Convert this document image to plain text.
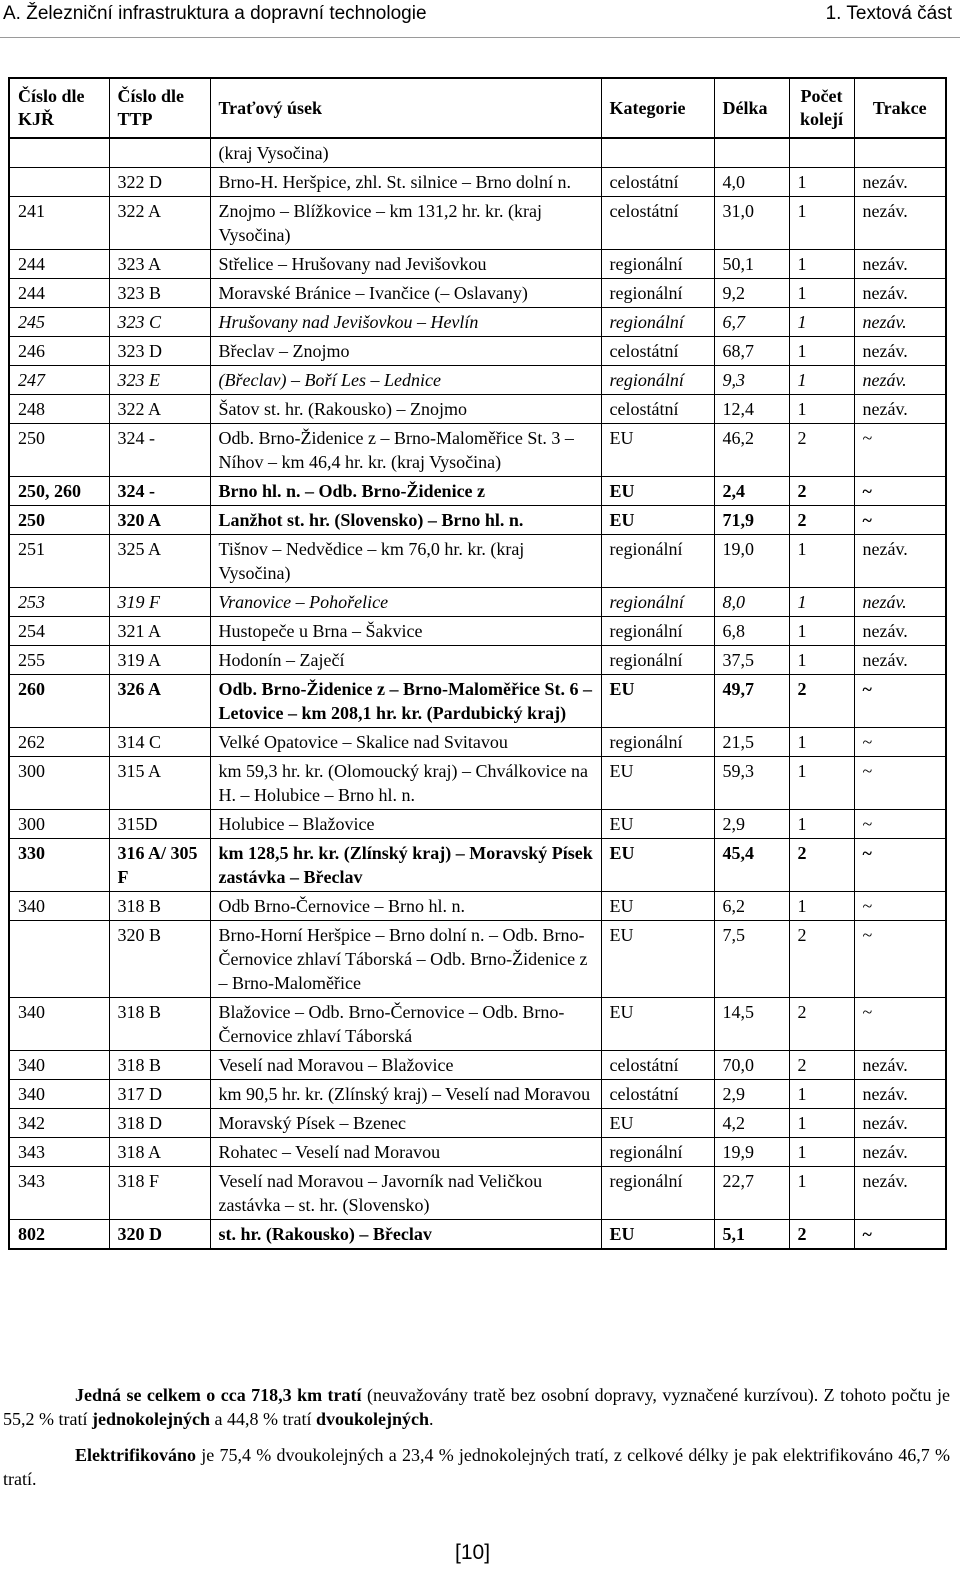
A. Železniční infrastruktura a dopravní technologie	1. Textová část
Číslo dle KJŘ	Číslo dle TTP	Traťový úsek	Kategorie	Délka	Počet kolejí	Trakce
		(kraj Vysočina)				
	322 D	Brno-H. Heršpice, zhl. St. silnice – Brno dolní n.	celostátní	4,0	1	nezáv.
241	322 A	Znojmo – Blížkovice – km 131,2 hr. kr. (kraj Vysočina)	celostátní	31,0	1	nezáv.
244	323 A	Střelice – Hrušovany nad Jevišovkou	regionální	50,1	1	nezáv.
244	323 B	Moravské Bránice – Ivančice (– Oslavany)	regionální	9,2	1	nezáv.
245	323 C	Hrušovany nad Jevišovkou – Hevlín	regionální	6,7	1	nezáv.
246	323 D	Břeclav – Znojmo	celostátní	68,7	1	nezáv.
247	323 E	(Břeclav) – Boří Les – Lednice	regionální	9,3	1	nezáv.
248	322 A	Šatov st. hr. (Rakousko) – Znojmo	celostátní	12,4	1	nezáv.
250	324 -	Odb. Brno-Židenice z – Brno-Maloměřice St. 3 – Níhov – km 46,4 hr. kr. (kraj Vysočina)	EU	46,2	2	~
250, 260	324 -	Brno hl. n. – Odb. Brno-Židenice z	EU	2,4	2	~
250	320 A	Lanžhot st. hr. (Slovensko) – Brno hl. n.	EU	71,9	2	~
251	325 A	Tišnov – Nedvědice – km 76,0 hr. kr. (kraj Vysočina)	regionální	19,0	1	nezáv.
253	319 F	Vranovice – Pohořelice	regionální	8,0	1	nezáv.
254	321 A	Hustopeče u Brna – Šakvice	regionální	6,8	1	nezáv.
255	319 A	Hodonín – Zaječí	regionální	37,5	1	nezáv.
260	326 A	Odb. Brno-Židenice z – Brno-Maloměřice St. 6 – Letovice – km 208,1 hr. kr. (Pardubický kraj)	EU	49,7	2	~
262	314 C	Velké Opatovice – Skalice nad Svitavou	regionální	21,5	1	~
300	315 A	km 59,3 hr. kr. (Olomoucký kraj) – Chválkovice na H. – Holubice – Brno hl. n.	EU	59,3	1	~
300	315D	Holubice – Blažovice	EU	2,9	1	~
330	316 A/ 305 F	km 128,5 hr. kr. (Zlínský kraj) – Moravský Písek zastávka – Břeclav	EU	45,4	2	~
340	318 B	Odb Brno-Černovice – Brno hl. n.	EU	6,2	1	~
	320 B	Brno-Horní Heršpice – Brno dolní n. – Odb. Brno-Černovice zhlaví Táborská – Odb. Brno-Židenice z – Brno-Maloměřice	EU	7,5	2	~
340	318 B	Blažovice – Odb. Brno-Černovice – Odb. Brno-Černovice zhlaví Táborská	EU	14,5	2	~
340	318 B	Veselí nad Moravou – Blažovice	celostátní	70,0	2	nezáv.
340	317 D	km 90,5 hr. kr. (Zlínský kraj) – Veselí nad Moravou	celostátní	2,9	1	nezáv.
342	318 D	Moravský Písek – Bzenec	EU	4,2	1	nezáv.
343	318 A	Rohatec – Veselí nad Moravou	regionální	19,9	1	nezáv.
343	318 F	Veselí nad Moravou – Javorník nad Veličkou zastávka – st. hr. (Slovensko)	regionální	22,7	1	nezáv.
802	320 D	st. hr. (Rakousko) – Břeclav	EU	5,1	2	~

Jedná se celkem o cca 718,3 km tratí (neuvažovány tratě bez osobní dopravy, vyznačené kurzívou). Z tohoto počtu je 55,2 % tratí jednokolejných a 44,8 % tratí dvoukolejných.

Elektrifikováno je 75,4 % dvoukolejných a 23,4 % jednokolejných tratí, z celkové délky je pak elektrifikováno 46,7 % tratí.

[10]
